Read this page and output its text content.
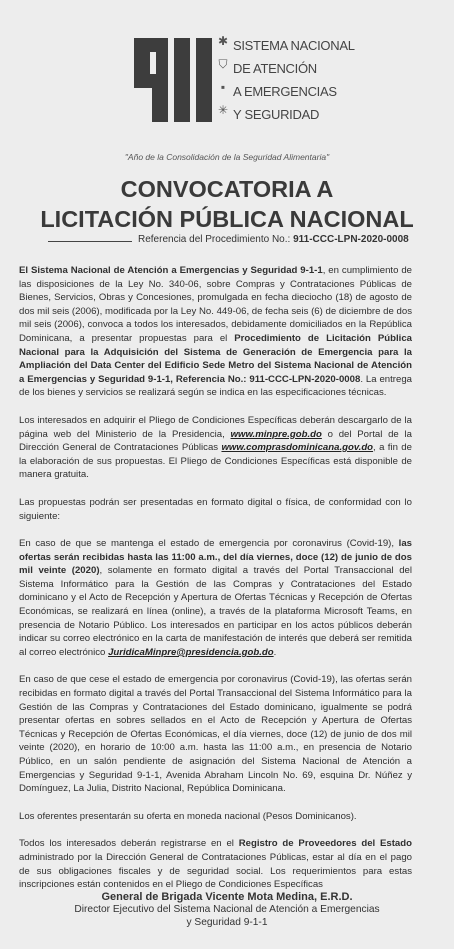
✱
⛉
▪
✳
SISTEMA NACIONAL
DE ATENCIÓN
A EMERGENCIAS
Y SEGURIDAD
"Año de la Consolidación de la Seguridad Alimentaria"
CONVOCATORIA A
LICITACIÓN PÚBLICA NACIONAL
Referencia del Procedimiento No.: 911-CCC-LPN-2020-0008

El Sistema Nacional de Atención a Emergencias y Seguridad 9-1-1, en cumplimiento de las disposiciones de la Ley No. 340-06, sobre Compras y Contrataciones Públicas de Bienes, Servicios, Obras y Concesiones, promulgada en fecha dieciocho (18) de agosto de dos mil seis (2006), modificada por la Ley No. 449-06, de fecha seis (6) de diciembre de dos mil seis (2006), convoca a todos los interesados, debidamente domiciliados en la República Dominicana, a presentar propuestas para el Procedimiento de Licitación Pública Nacional para la Adquisición del Sistema de Generación de Emergencia para la Ampliación del Data Center del Edificio Sede Metro del Sistema Nacional de Atención a Emergencias y Seguridad 9-1-1, Referencia No.: 911-CCC-LPN-2020-0008. La entrega de los bienes y servicios se realizará según se indica en las especificaciones técnicas.

Los interesados en adquirir el Pliego de Condiciones Específicas deberán descargarlo de la página web del Ministerio de la Presidencia, www.minpre.gob.do o del Portal de la Dirección General de Contrataciones Públicas www.comprasdominicana.gov.do, a fin de la elaboración de sus propuestas. El Pliego de Condiciones Específicas está disponible de manera gratuita.

Las propuestas podrán ser presentadas en formato digital o física, de conformidad con lo siguiente:

En caso de que se mantenga el estado de emergencia por coronavirus (Covid-19), las ofertas serán recibidas hasta las 11:00 a.m., del día viernes, doce (12) de junio de dos mil veinte (2020), solamente en formato digital a través del Portal Transaccional del Sistema Informático para la Gestión de las Compras y Contrataciones del Estado dominicano y el Acto de Recepción y Apertura de Ofertas Técnicas y Recepción de Ofertas Económicas, se realizará en línea (online), a través de la plataforma Microsoft Teams, en presencia de Notario Público. Los interesados en participar en los actos públicos deberán indicar su correo electrónico en la carta de manifestación de interés que deberá ser remitida al correo electrónico JuridicaMinpre@presidencia.gob.do.

En caso de que cese el estado de emergencia por coronavirus (Covid-19), las ofertas serán recibidas en formato digital a través del Portal Transaccional del Sistema Informático para la Gestión de las Compras y Contrataciones del Estado dominicano, igualmente se podrá presentar ofertas en sobres sellados en el Acto de Recepción y Apertura de Ofertas Técnicas y Recepción de Ofertas Económicas, el día viernes, doce (12) de junio de dos mil veinte (2020), en horario de 10:00 a.m. hasta las 11:00 a.m., en presencia de Notario Público, en un salón pendiente de asignación del Sistema Nacional de Atención a Emergencias y Seguridad 9-1-1, Avenida Abraham Lincoln No. 69, esquina Dr. Núñez y Domínguez, La Julia, Distrito Nacional, República Dominicana.

Los oferentes presentarán su oferta en moneda nacional (Pesos Dominicanos).

Todos los interesados deberán registrarse en el Registro de Proveedores del Estado administrado por la Dirección General de Contrataciones Públicas, estar al día en el pago de sus obligaciones fiscales y de seguridad social. Los requerimientos para estas inscripciones están contenidos en el Pliego de Condiciones Específicas

General de Brigada Vicente Mota Medina, E.R.D.
Director Ejecutivo del Sistema Nacional de Atención a Emergencias
y Seguridad 9-1-1
